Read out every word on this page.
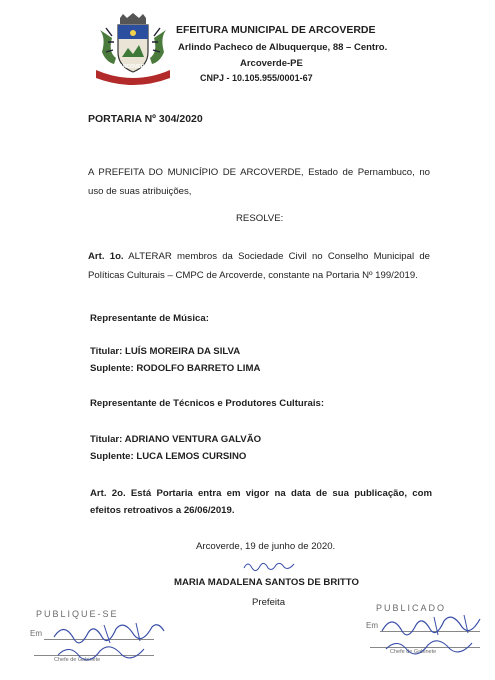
1928 ARCOVERDE 1928
EFEITURA MUNICIPAL DE ARCOVERDE
Arlindo Pacheco de Albuquerque, 88 – Centro.
Arcoverde-PE
CNPJ - 10.105.955/0001-67
PORTARIA Nº 304/2020

A PREFEITA DO MUNICÍPIO DE ARCOVERDE, Estado de Pernambuco, no uso de suas atribuições,

RESOLVE:

Art. 1o. ALTERAR membros da Sociedade Civil no Conselho Municipal de Políticas Culturais – CMPC de Arcoverde, constante na Portaria Nº 199/2019.

Representante de Música:
Titular: LUÍS MOREIRA DA SILVA
Suplente: RODOLFO BARRETO LIMA
Representante de Técnicos e Produtores Culturais:
Titular: ADRIANO VENTURA GALVÃO
Suplente: LUCA LEMOS CURSINO

Art. 2o. Está Portaria entra em vigor na data de sua publicação, com efeitos retroativos a 26/06/2019.

Arcoverde, 19 de junho de 2020.
MARIA MADALENA SANTOS DE BRITTO
Prefeita
PUBLIQUE-SE
Em
Chefe de Gabinete
PUBLICADO
Em
Chefe de Gabinete
